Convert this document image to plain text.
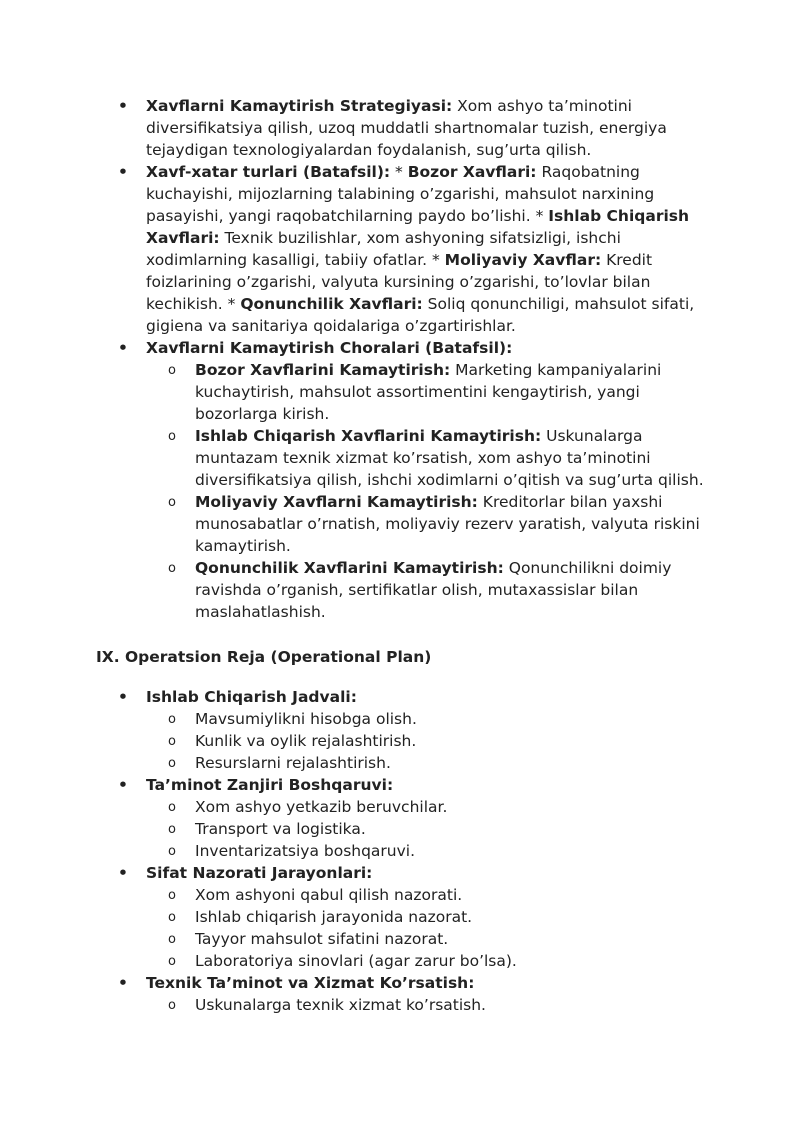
• Xavflarni Kamaytirish Strategiyasi: Xom ashyo ta’minotini diversifikatsiya qilish, uzoq muddatli shartnomalar tuzish, energiya tejaydigan texnologiyalardan foydalanish, sug’urta qilish.
• Xavf-xatar turlari (Batafsil): * Bozor Xavflari: Raqobatning kuchayishi, mijozlarning talabining o’zgarishi, mahsulot narxining pasayishi, yangi raqobatchilarning paydo bo’lishi. * Ishlab Chiqarish Xavflari: Texnik buzilishlar, xom ashyoning sifatsizligi, ishchi xodimlarning kasalligi, tabiiy ofatlar. * Moliyaviy Xavflar: Kredit foizlarining o’zgarishi, valyuta kursining o’zgarishi, to’lovlar bilan kechikish. * Qonunchilik Xavflari: Soliq qonunchiligi, mahsulot sifati, gigiena va sanitariya qoidalariga o’zgartirishlar.
• Xavflarni Kamaytirish Choralari (Batafsil):
o Bozor Xavflarini Kamaytirish: Marketing kampaniyalarini kuchaytirish, mahsulot assortimentini kengaytirish, yangi bozorlarga kirish.
o Ishlab Chiqarish Xavflarini Kamaytirish: Uskunalarga muntazam texnik xizmat ko’rsatish, xom ashyo ta’minotini diversifikatsiya qilish, ishchi xodimlarni o’qitish va sug’urta qilish.
o Moliyaviy Xavflarni Kamaytirish: Kreditorlar bilan yaxshi munosabatlar o’rnatish, moliyaviy rezerv yaratish, valyuta riskini kamaytirish.
o Qonunchilik Xavflarini Kamaytirish: Qonunchilikni doimiy ravishda o’rganish, sertifikatlar olish, mutaxassislar bilan maslahatlashish.
IX. Operatsion Reja (Operational Plan)
• Ishlab Chiqarish Jadvali:
o Mavsumiylikni hisobga olish.
o Kunlik va oylik rejalashtirish.
o Resurslarni rejalashtirish.
• Ta’minot Zanjiri Boshqaruvi:
o Xom ashyo yetkazib beruvchilar.
o Transport va logistika.
o Inventarizatsiya boshqaruvi.
• Sifat Nazorati Jarayonlari:
o Xom ashyoni qabul qilish nazorati.
o Ishlab chiqarish jarayonida nazorat.
o Tayyor mahsulot sifatini nazorat.
o Laboratoriya sinovlari (agar zarur bo’lsa).
• Texnik Ta’minot va Xizmat Ko’rsatish:
o Uskunalarga texnik xizmat ko’rsatish.
